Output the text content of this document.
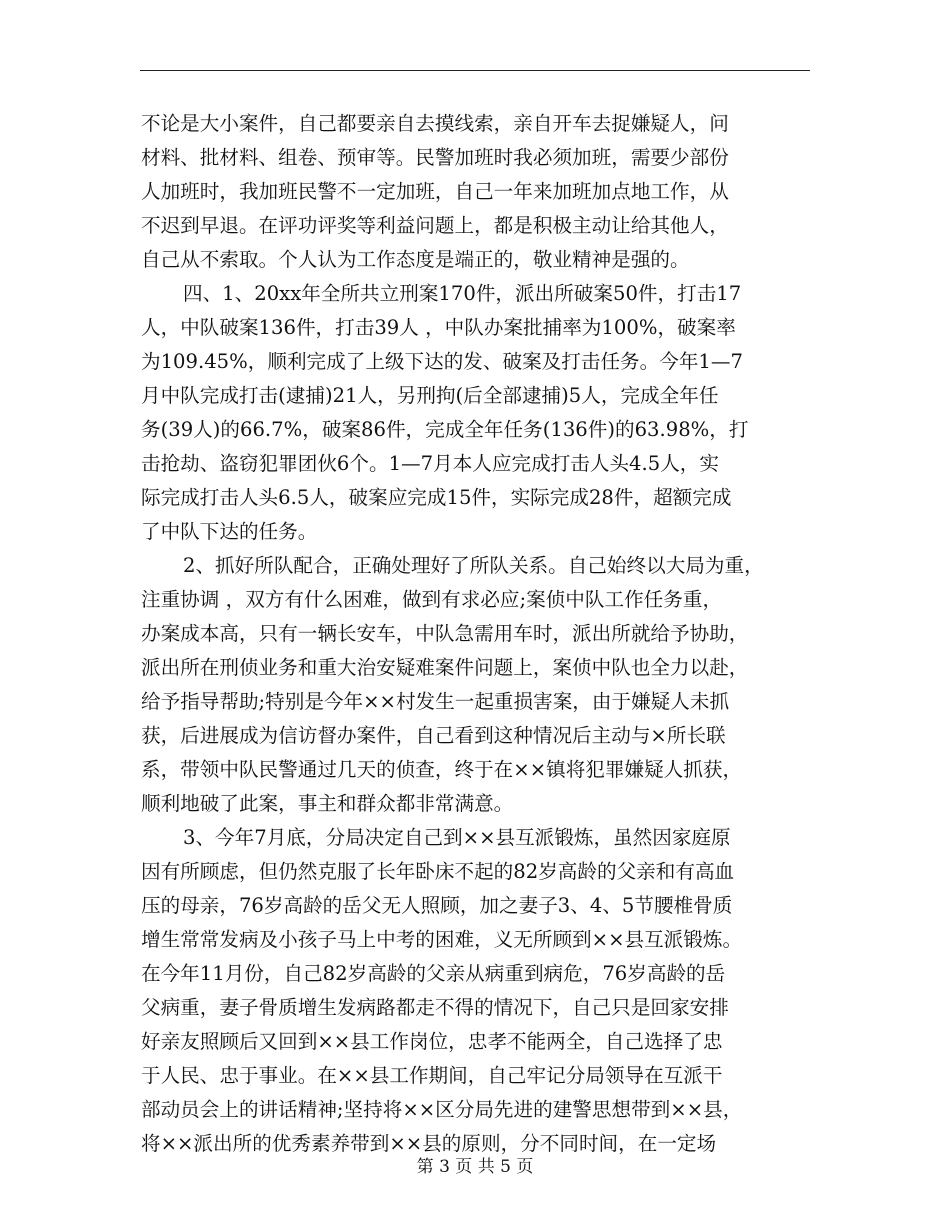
不论是大小案件，自己都要亲自去摸线索，亲自开车去捉嫌疑人，问
材料、批材料、组卷、预审等。民警加班时我必须加班，需要少部份
人加班时，我加班民警不一定加班，自己一年来加班加点地工作，从
不迟到早退。在评功评奖等利益问题上，都是积极主动让给其他人，
自己从不索取。个人认为工作态度是端正的，敬业精神是强的。
四、1、20xx年全所共立刑案170件，派出所破案50件，打击17
人，中队破案136件，打击39人 ，中队办案批捕率为100%，破案率
为109.45%，顺利完成了上级下达的发、破案及打击任务。今年1—7
月中队完成打击(逮捕)21人，另刑拘(后全部逮捕)5人，完成全年任
务(39人)的66.7%，破案86件，完成全年任务(136件)的63.98%，打
击抢劫、盗窃犯罪团伙6个。1—7月本人应完成打击人头4.5人，实
际完成打击人头6.5人，破案应完成15件，实际完成28件，超额完成
了中队下达的任务。
2、抓好所队配合，正确处理好了所队关系。自己始终以大局为重，
注重协调 ，双方有什么困难，做到有求必应;案侦中队工作任务重，
办案成本高，只有一辆长安车，中队急需用车时，派出所就给予协助，
派出所在刑侦业务和重大治安疑难案件问题上，案侦中队也全力以赴，
给予指导帮助;特别是今年××村发生一起重损害案，由于嫌疑人未抓
获，后进展成为信访督办案件，自己看到这种情况后主动与×所长联
系，带领中队民警通过几天的侦查，终于在××镇将犯罪嫌疑人抓获，
顺利地破了此案，事主和群众都非常满意。
3、今年7月底，分局决定自己到××县互派锻炼，虽然因家庭原
因有所顾虑，但仍然克服了长年卧床不起的82岁高龄的父亲和有高血
压的母亲，76岁高龄的岳父无人照顾，加之妻子3、4、5节腰椎骨质
增生常常发病及小孩子马上中考的困难，义无所顾到××县互派锻炼。
在今年11月份，自己82岁高龄的父亲从病重到病危，76岁高龄的岳
父病重，妻子骨质增生发病路都走不得的情况下，自己只是回家安排
好亲友照顾后又回到××县工作岗位，忠孝不能两全，自己选择了忠
于人民、忠于事业。在××县工作期间，自己牢记分局领导在互派干
部动员会上的讲话精神;坚持将××区分局先进的建警思想带到××县，
将××派出所的优秀素养带到××县的原则，分不同时间，在一定场
第 3 页 共 5 页
